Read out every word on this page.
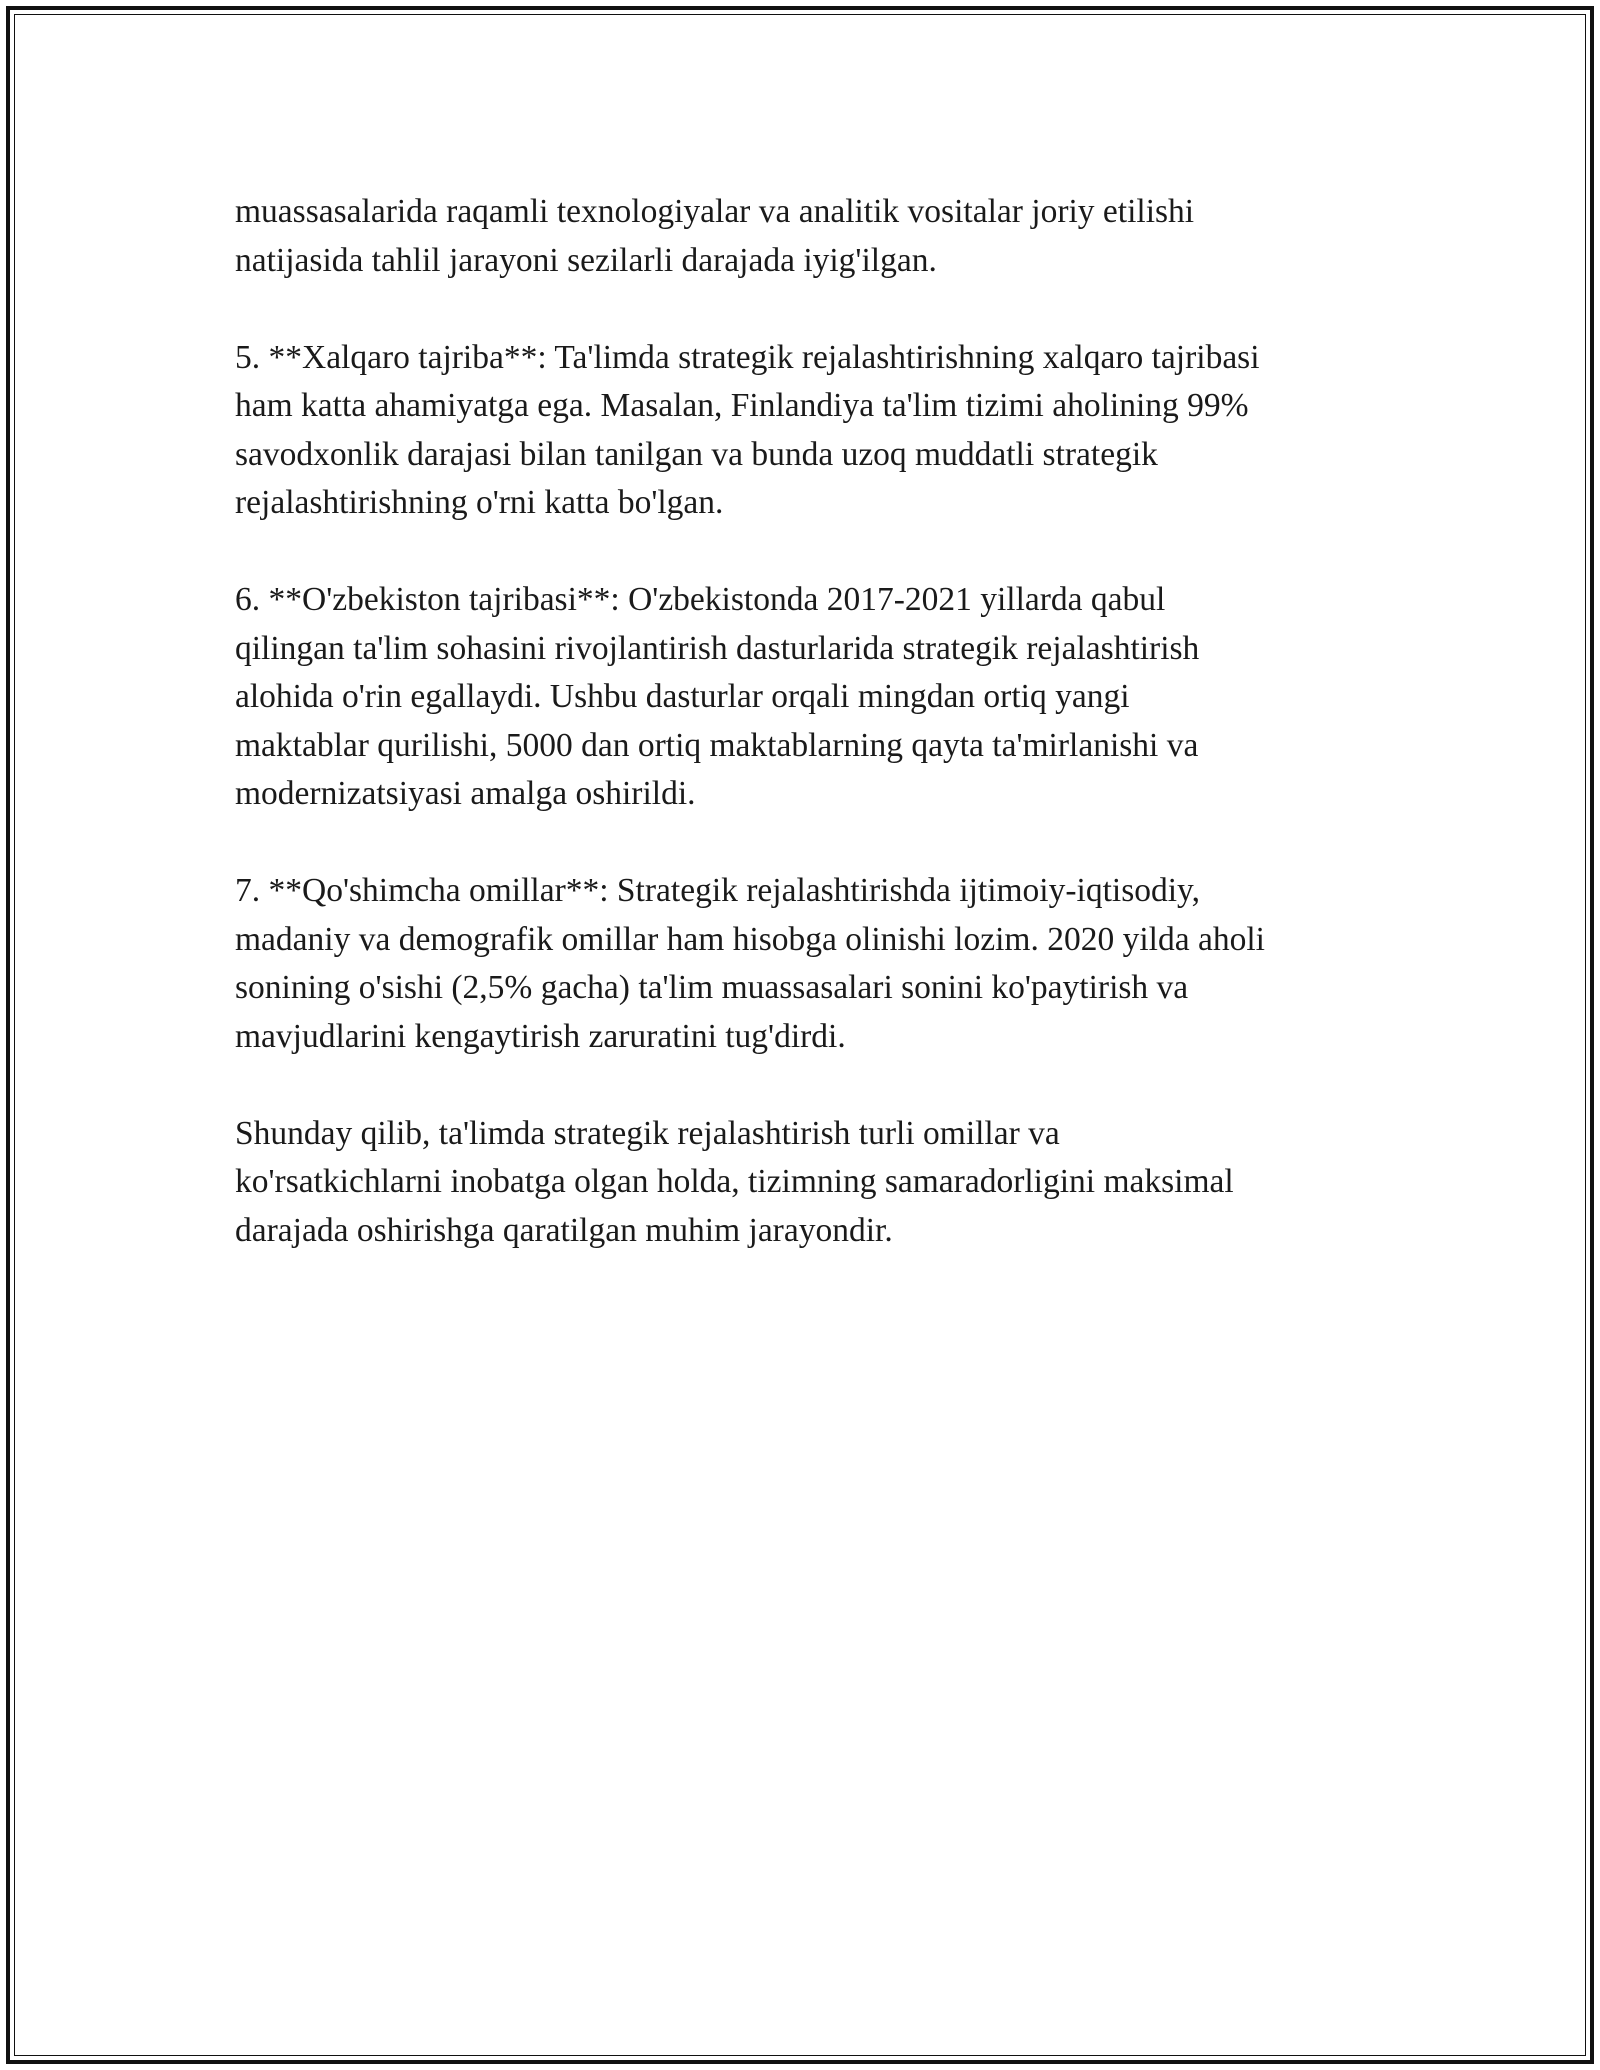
muassasalarida raqamli texnologiyalar va analitik vositalar joriy etilishi
natijasida tahlil jarayoni sezilarli darajada iyig'ilgan.

5. **Xalqaro tajriba**: Ta'limda strategik rejalashtirishning xalqaro tajribasi
ham katta ahamiyatga ega. Masalan, Finlandiya ta'lim tizimi aholining 99%
savodxonlik darajasi bilan tanilgan va bunda uzoq muddatli strategik
rejalashtirishning o'rni katta bo'lgan.

6. **O'zbekiston tajribasi**: O'zbekistonda 2017-2021 yillarda qabul
qilingan ta'lim sohasini rivojlantirish dasturlarida strategik rejalashtirish
alohida o'rin egallaydi. Ushbu dasturlar orqali mingdan ortiq yangi
maktablar qurilishi, 5000 dan ortiq maktablarning qayta ta'mirlanishi va
modernizatsiyasi amalga oshirildi.

7. **Qo'shimcha omillar**: Strategik rejalashtirishda ijtimoiy-iqtisodiy,
madaniy va demografik omillar ham hisobga olinishi lozim. 2020 yilda aholi
sonining o'sishi (2,5% gacha) ta'lim muassasalari sonini ko'paytirish va
mavjudlarini kengaytirish zaruratini tug'dirdi.

Shunday qilib, ta'limda strategik rejalashtirish turli omillar va
ko'rsatkichlarni inobatga olgan holda, tizimning samaradorligini maksimal
darajada oshirishga qaratilgan muhim jarayondir.
